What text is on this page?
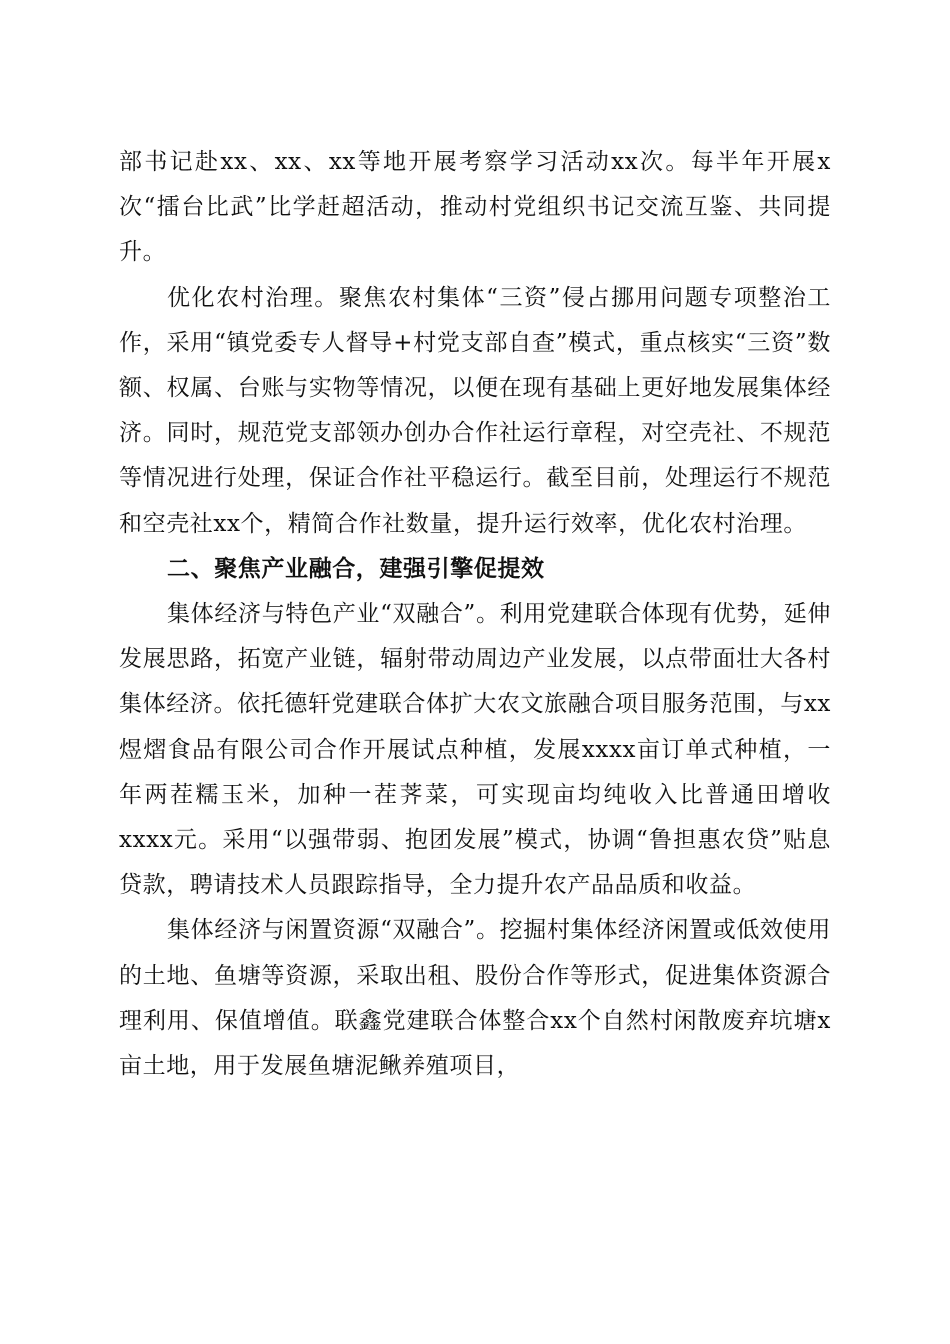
部书记赴xx、xx、xx等地开展考察学习活动xx次。每半年开展x次“擂台比武”比学赶超活动，推动村党组织书记交流互鉴、共同提升。

优化农村治理。聚焦农村集体“三资”侵占挪用问题专项整治工作，采用“镇党委专人督导+村党支部自查”模式，重点核实“三资”数额、权属、台账与实物等情况，以便在现有基础上更好地发展集体经济。同时，规范党支部领办创办合作社运行章程，对空壳社、不规范等情况进行处理，保证合作社平稳运行。截至目前，处理运行不规范和空壳社xx个，精简合作社数量，提升运行效率，优化农村治理。

二、聚焦产业融合，建强引擎促提效

集体经济与特色产业“双融合”。利用党建联合体现有优势，延伸发展思路，拓宽产业链，辐射带动周边产业发展，以点带面壮大各村集体经济。依托德轩党建联合体扩大农文旅融合项目服务范围，与xx煜熠食品有限公司合作开展试点种植，发展xxxx亩订单式种植，一年两茬糯玉米，加种一茬荠菜，可实现亩均纯收入比普通田增收xxxx元。采用“以强带弱、抱团发展”模式，协调“鲁担惠农贷”贴息贷款，聘请技术人员跟踪指导，全力提升农产品品质和收益。

集体经济与闲置资源“双融合”。挖掘村集体经济闲置或低效使用的土地、鱼塘等资源，采取出租、股份合作等形式，促进集体资源合理利用、保值增值。联鑫党建联合体整合xx个自然村闲散废弃坑塘x亩土地，用于发展鱼塘泥鳅养殖项目，
